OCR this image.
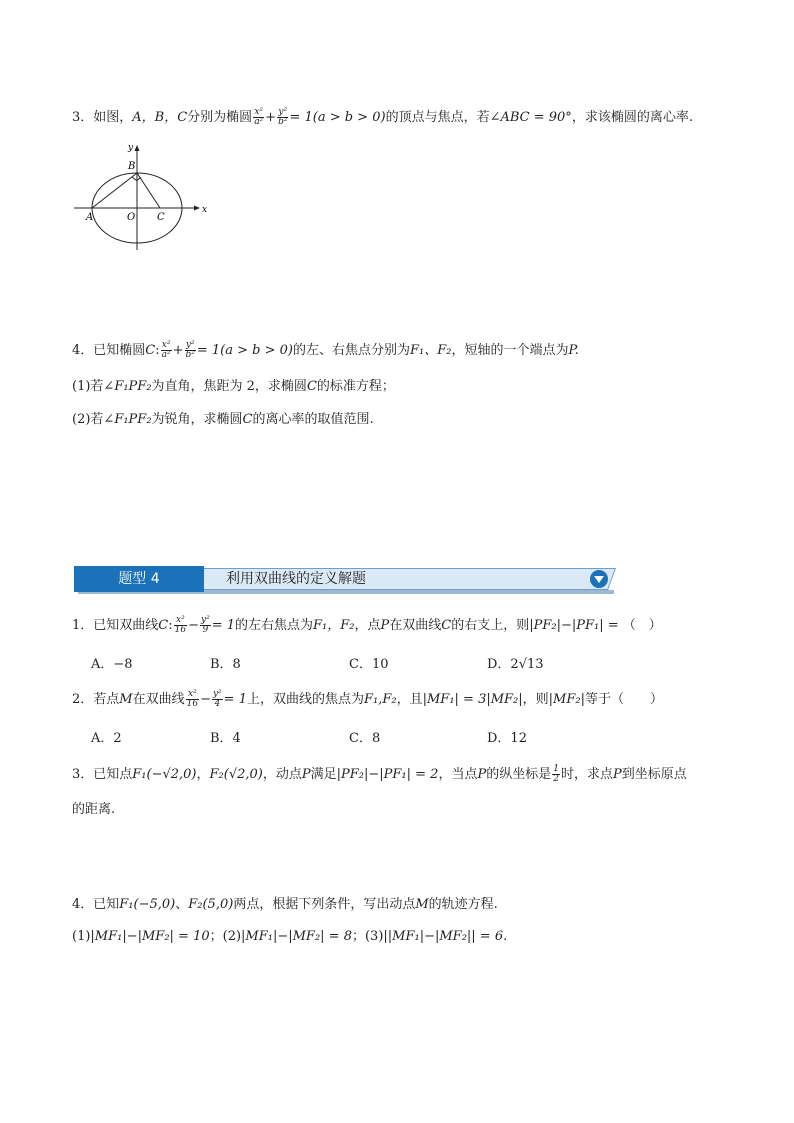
3．如图，A，B，C分别为椭圆 $\frac{\text{x²}}{\text{a²}} + \frac{\text{y²}}{\text{b²}} = 1(a > b > 0)$的顶点与焦点，若∠ABC = 90°，求该椭圆的离心率.
y
x
B
A	O C
4．已知椭圆C: $\frac{\text{x²}}{\text{a²}} + \frac{\text{y²}}{\text{b²}} = 1(a > b > 0)$的左、右焦点分别为F₁、F₂，短轴的一个端点为P.
(1)若∠F₁PF₂为直角，焦距为 2，求椭圆C的标准方程；
(2)若∠F₁PF₂为锐角，求椭圆C的离心率的取值范围.
题型 4	利用双曲线的定义解题
1．已知双曲线C: $\frac{\text{x²}}{16} - \frac{\text{y²}}{9} = 1$的左右焦点为F₁，F₂，点P在双曲线C的右支上，则|PF₂|−|PF₁| = （　）
A．−8	B．8	C．10	D．2√13
2．若点M在双曲线 $\frac{\text{x²}}{16} - \frac{\text{y²}}{4} = 1$上，双曲线的焦点为F₁,F₂，且|MF₁| = 3|MF₂|，则|MF₂|等于（　　）
A．2	B．4	C．8	D．12
3．已知点F₁(−√2,0)，F₂(√2,0)，动点P满足|PF₂|−|PF₁| = 2，当点P的纵坐标是 $\frac{1}{2}$ 时，求点P到坐标原点
的距离.
4．已知F₁(−5,0)、F₂(5,0)两点，根据下列条件，写出动点M的轨迹方程.
(1)|MF₁|−|MF₂| = 10；(2)|MF₁|−|MF₂| = 8；(3)||MF₁|−|MF₂|| = 6.
